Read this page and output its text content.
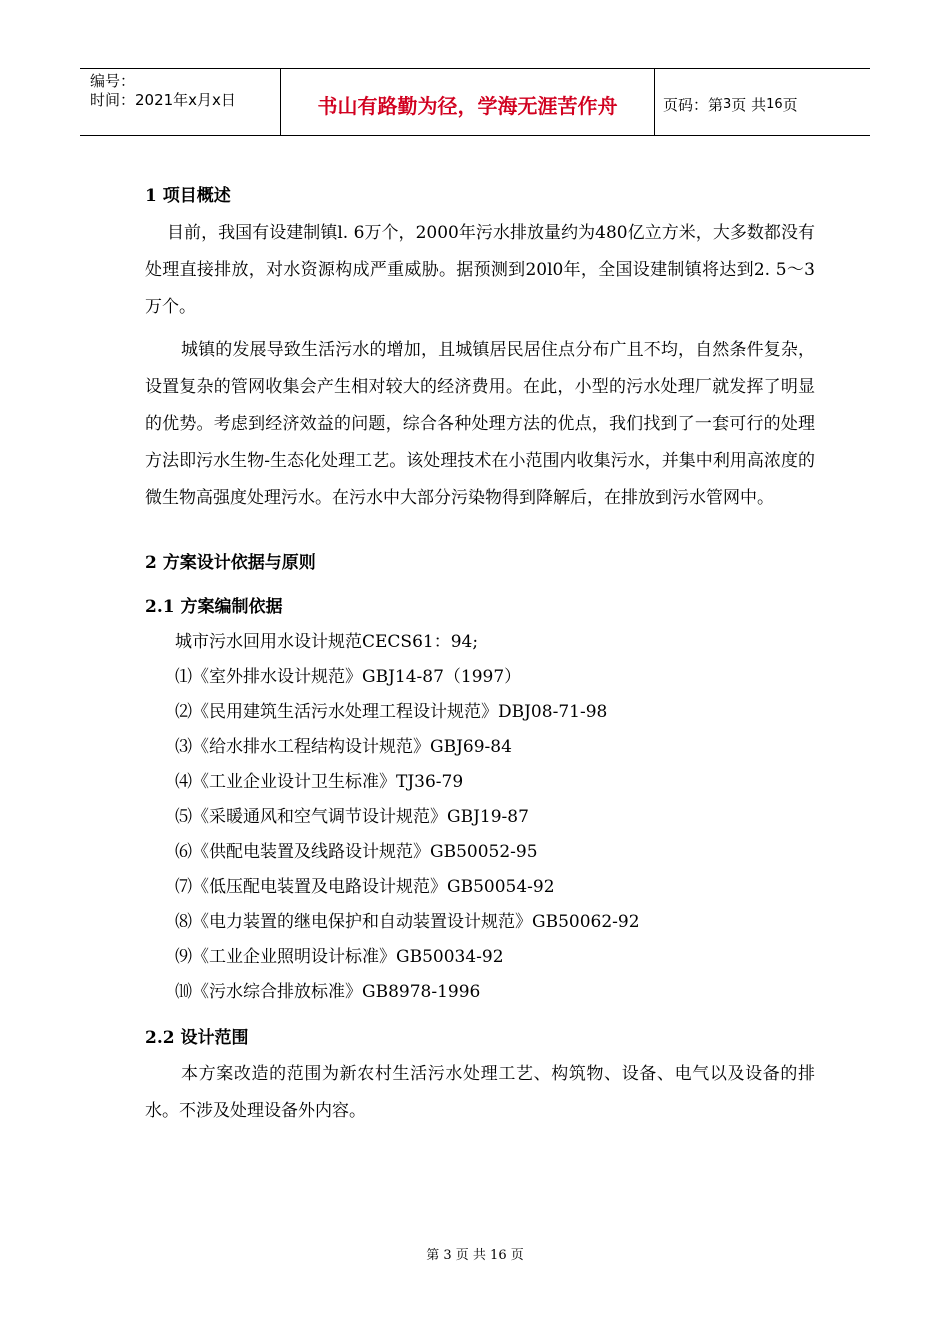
编号：
时间：2021年x月x日	书山有路勤为径，学海无涯苦作舟	页码：第 3 页 共 16 页

1 项目概述

目前，我国有设建制镇l. 6万个，2000年污水排放量约为480亿立方米，大多数都没有处理直接排放，对水资源构成严重威胁。据预测到20l0年，全国设建制镇将达到2. 5～3万个。

城镇的发展导致生活污水的增加，且城镇居民居住点分布广且不均，自然条件复杂，设置复杂的管网收集会产生相对较大的经济费用。在此，小型的污水处理厂就发挥了明显的优势。考虑到经济效益的问题，综合各种处理方法的优点，我们找到了一套可行的处理方法即污水生物-生态化处理工艺。该处理技术在小范围内收集污水，并集中利用高浓度的微生物高强度处理污水。在污水中大部分污染物得到降解后，在排放到污水管网中。

2 方案设计依据与原则

2.1 方案编制依据

城市污水回用水设计规范CECS61：94;

⑴《室外排水设计规范》GBJ14-87（1997）

⑵《民用建筑生活污水处理工程设计规范》DBJ08-71-98

⑶《给水排水工程结构设计规范》GBJ69-84

⑷《工业企业设计卫生标准》TJ36-79

⑸《采暖通风和空气调节设计规范》GBJ19-87

⑹《供配电装置及线路设计规范》GB50052-95

⑺《低压配电装置及电路设计规范》GB50054-92

⑻《电力装置的继电保护和自动装置设计规范》GB50062-92

⑼《工业企业照明设计标准》GB50034-92

⑽《污水综合排放标准》GB8978-1996

2.2 设计范围

本方案改造的范围为新农村生活污水处理工艺、构筑物、设备、电气以及设备的排水。不涉及处理设备外内容。

第 3 页 共 16 页
